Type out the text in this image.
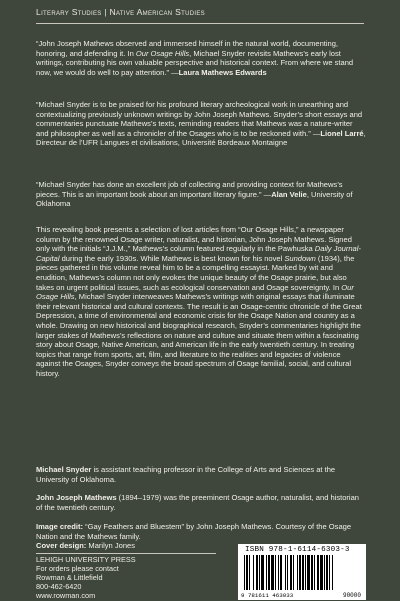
Literary Studies | Native American Studies
“John Joseph Mathews observed and immersed himself in the natural world, documenting, honoring, and defending it. In Our Osage Hills, Michael Snyder revisits Mathews’s early lost writings, contributing his own valuable perspective and historical context. From where we stand now, we would do well to pay attention.” —Laura Mathews Edwards
“Michael Snyder is to be praised for his profound literary archeological work in unearthing and contextualizing previously unknown writings by John Joseph Mathews. Snyder’s short essays and commentaries punctuate Mathews’s texts, reminding readers that Mathews was a nature-writer and philosopher as well as a chronicler of the Osages who is to be reckoned with.” —Lionel Larré, Directeur de l’UFR Langues et civilisations, Université Bordeaux Montaigne
“Michael Snyder has done an excellent job of collecting and providing context for Mathews’s pieces. This is an important book about an important literary figure.” —Alan Velie, University of Oklahoma
This revealing book presents a selection of lost articles from “Our Osage Hills,” a newspaper column by the renowned Osage writer, naturalist, and historian, John Joseph Mathews. Signed only with the initials “J.J.M.,” Mathews’s column featured regularly in the Pawhuska Daily Journal-Capital during the early 1930s. While Mathews is best known for his novel Sundown (1934), the pieces gathered in this volume reveal him to be a compelling essayist. Marked by wit and erudition, Mathews’s column not only evokes the unique beauty of the Osage prairie, but also takes on urgent political issues, such as ecological conservation and Osage sovereignty. In Our Osage Hills, Michael Snyder interweaves Mathews’s writings with original essays that illuminate their relevant historical and cultural contexts. The result is an Osage-centric chronicle of the Great Depression, a time of environmental and economic crisis for the Osage Nation and country as a whole. Drawing on new historical and biographical research, Snyder’s commentaries highlight the larger stakes of Mathews’s reflections on nature and culture and situate them within a fascinating story about Osage, Native American, and American life in the early twentieth century. In treating topics that range from sports, art, film, and literature to the realities and legacies of violence against the Osages, Snyder conveys the broad spectrum of Osage familial, social, and cultural history.
Michael Snyder is assistant teaching professor in the College of Arts and Sciences at the University of Oklahoma.
John Joseph Mathews (1894–1979) was the preeminent Osage author, naturalist, and historian of the twentieth century.
Image credit: “Gay Feathers and Bluestem” by John Joseph Mathews. Courtesy of the Osage Nation and the Mathews family.
Cover design: Marilyn Jones
LEHIGH UNIVERSITY PRESS
For orders please contact
Rowman & Littlefield
800-462-6420
www.rowman.com
ISBN 978-1-6114-6303-3
9 781611 463033	90000
